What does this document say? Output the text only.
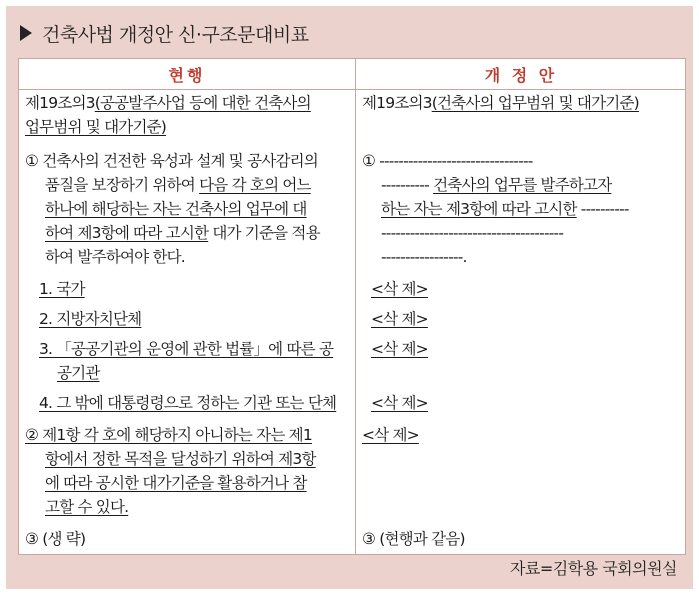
건축사법 개정안 신·구조문대비표
현행	개 정 안
제19조의3(공공발주사업 등에 대한 건축사의
업무범위 및 대가기준)
① 건축사의 건전한 육성과 설계 및 공사감리의
품질을 보장하기 위하여 다음 각 호의 어느
하나에 해당하는 자는 건축사의 업무에 대
하여 제3항에 따라 고시한 대가 기준을 적용
하여 발주하여야 한다.
1. 국가
2. 지방자치단체
3. 「공공기관의 운영에 관한 법률」에 따른 공
공기관
4. 그 밖에 대통령령으로 정하는 기관 또는 단체
② 제1항 각 호에 해당하지 아니하는 자는 제1
항에서 정한 목적을 달성하기 위하여 제3항
에 따라 공시한 대가기준을 활용하거나 참
고할 수 있다.
③ (생 략)
제19조의3(건축사의 업무범위 및 대가기준)
① --------------------------------
---------- 건축사의 업무를 발주하고자
하는 자는 제3항에 따라 고시한 ----------
--------------------------------------
-----------------.
<삭 제>
<삭 제>
<삭 제>
<삭 제>
<삭 제>
③ (현행과 같음)
자료=김학용 국회의원실
